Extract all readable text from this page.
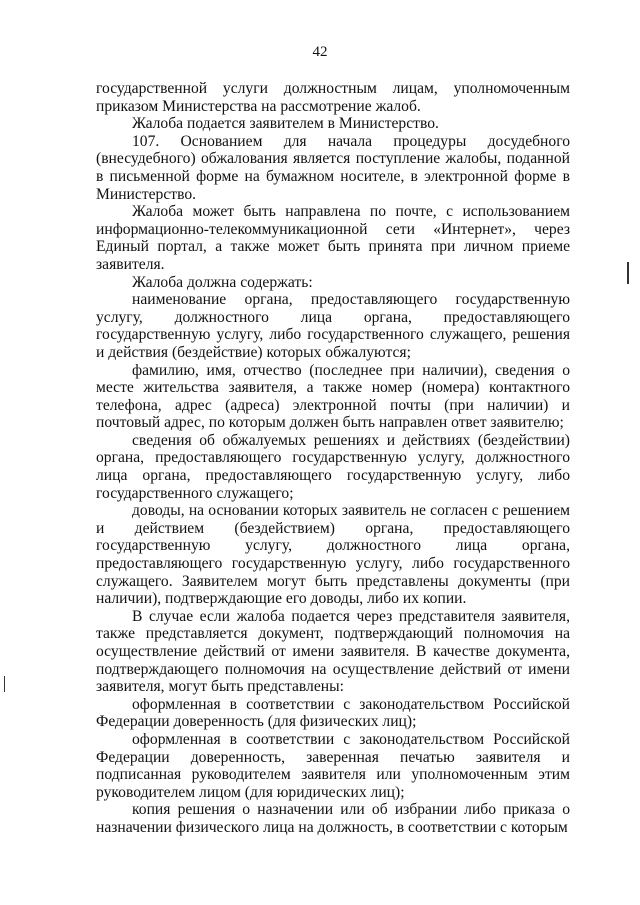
42

государственной услуги должностным лицам, уполномоченным приказом Министерства на рассмотрение жалоб.

Жалоба подается заявителем в Министерство.

107. Основанием для начала процедуры досудебного (внесудебного) обжалования является поступление жалобы, поданной в письменной форме на бумажном носителе, в электронной форме в Министерство.

Жалоба может быть направлена по почте, с использованием информационно-телекоммуникационной сети «Интернет», через Единый портал, а также может быть принята при личном приеме заявителя.

Жалоба должна содержать:

наименование органа, предоставляющего государственную услугу, должностного лица органа, предоставляющего государственную услугу, либо государственного служащего, решения и действия (бездействие) которых обжалуются;

фамилию, имя, отчество (последнее при наличии), сведения о месте жительства заявителя, а также номер (номера) контактного телефона, адрес (адреса) электронной почты (при наличии) и почтовый адрес, по которым должен быть направлен ответ заявителю;

сведения об обжалуемых решениях и действиях (бездействии) органа, предоставляющего государственную услугу, должностного лица органа, предоставляющего государственную услугу, либо государственного служащего;

доводы, на основании которых заявитель не согласен с решением и действием (бездействием) органа, предоставляющего государственную услугу, должностного лица органа, предоставляющего государственную услугу, либо государственного служащего. Заявителем могут быть представлены документы (при наличии), подтверждающие его доводы, либо их копии.

В случае если жалоба подается через представителя заявителя, также представляется документ, подтверждающий полномочия на осуществление действий от имени заявителя. В качестве документа, подтверждающего полномочия на осуществление действий от имени заявителя, могут быть представлены:

оформленная в соответствии с законодательством Российской Федерации доверенность (для физических лиц);

оформленная в соответствии с законодательством Российской Федерации доверенность, заверенная печатью заявителя и подписанная руководителем заявителя или уполномоченным этим руководителем лицом (для юридических лиц);

копия решения о назначении или об избрании либо приказа о назначении физического лица на должность, в соответствии с которым
